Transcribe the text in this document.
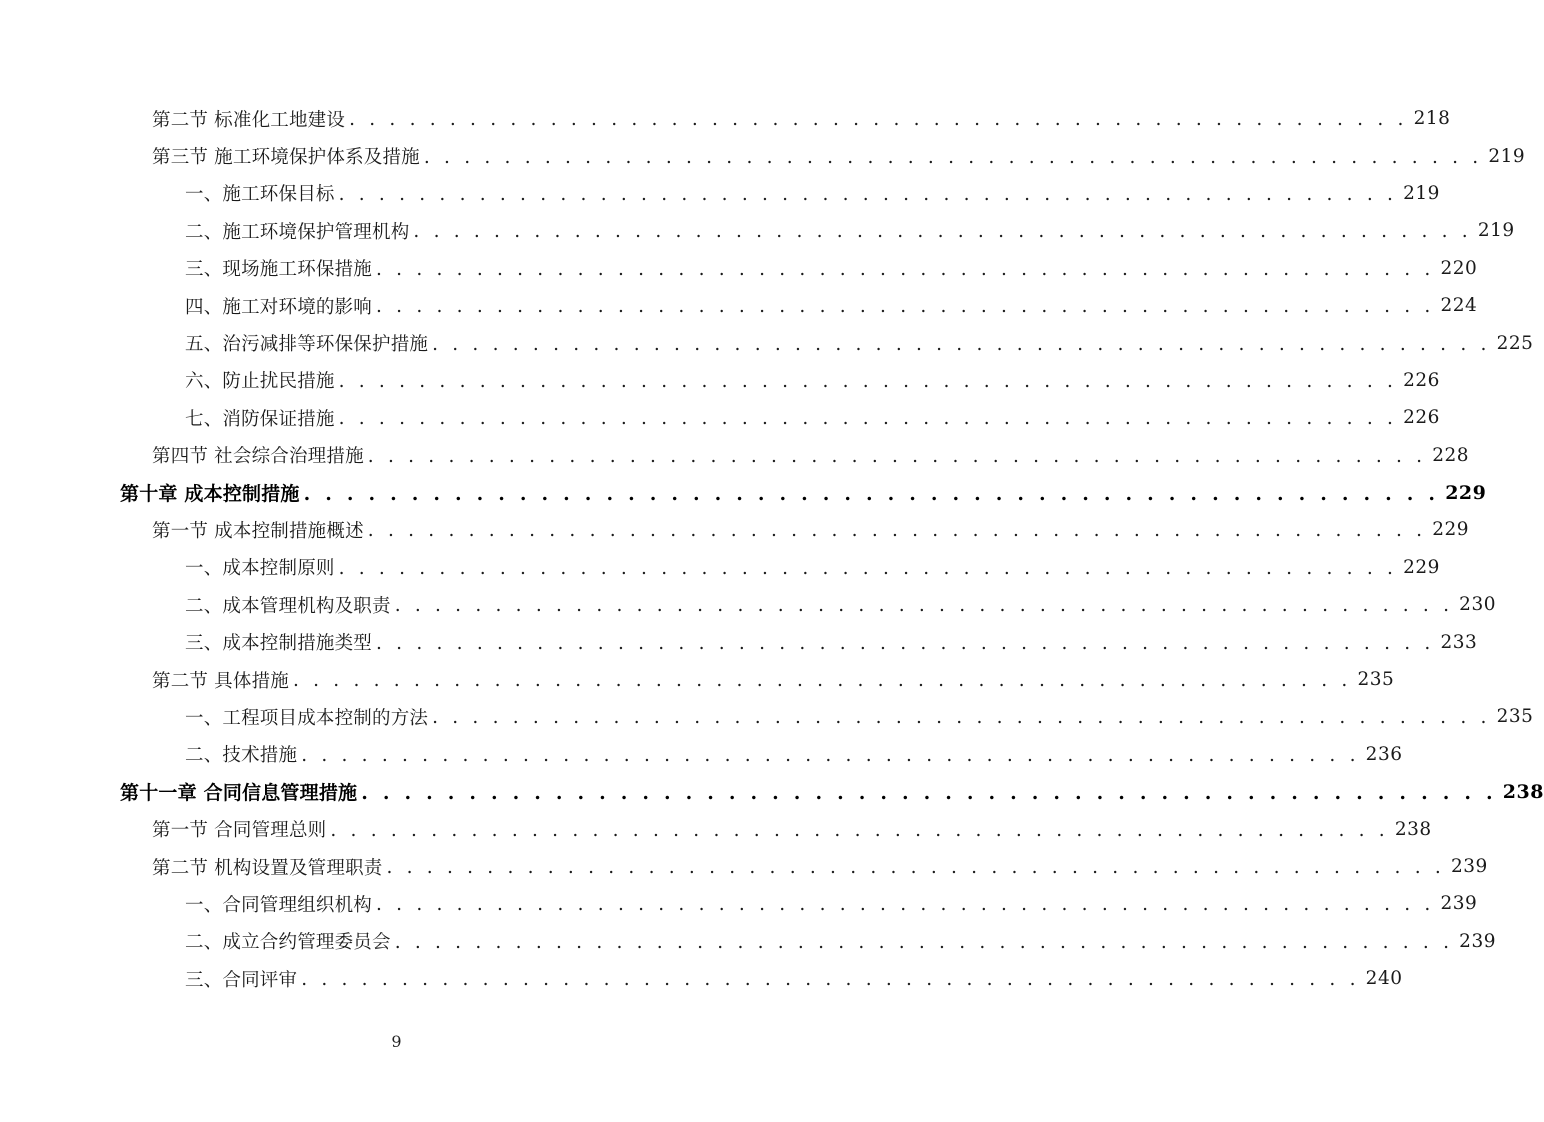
第二节 标准化工地建设 . . . . . . . . . . . . . . . . . . . . . . . . . . . . . . . . . . . . . . . . . . . . . . . . . . . . . 218
第三节 施工环境保护体系及措施 . . . . . . . . . . . . . . . . . . . . . . . . . . . . . . . . . . . . . . . . . . . . . . . . . . . . . 219
一、施工环保目标 . . . . . . . . . . . . . . . . . . . . . . . . . . . . . . . . . . . . . . . . . . . . . . . . . . . . . 219
二、施工环境保护管理机构 . . . . . . . . . . . . . . . . . . . . . . . . . . . . . . . . . . . . . . . . . . . . . . . . . . . . . 219
三、现场施工环保措施 . . . . . . . . . . . . . . . . . . . . . . . . . . . . . . . . . . . . . . . . . . . . . . . . . . . . . 220
四、施工对环境的影响 . . . . . . . . . . . . . . . . . . . . . . . . . . . . . . . . . . . . . . . . . . . . . . . . . . . . . 224
五、治污减排等环保保护措施 . . . . . . . . . . . . . . . . . . . . . . . . . . . . . . . . . . . . . . . . . . . . . . . . . . . . . 225
六、防止扰民措施 . . . . . . . . . . . . . . . . . . . . . . . . . . . . . . . . . . . . . . . . . . . . . . . . . . . . . 226
七、消防保证措施 . . . . . . . . . . . . . . . . . . . . . . . . . . . . . . . . . . . . . . . . . . . . . . . . . . . . . 226
第四节 社会综合治理措施 . . . . . . . . . . . . . . . . . . . . . . . . . . . . . . . . . . . . . . . . . . . . . . . . . . . . . 228
第十章 成本控制措施 . . . . . . . . . . . . . . . . . . . . . . . . . . . . . . . . . . . . . . . . . . . . . . . . . . . . . 229
第一节 成本控制措施概述 . . . . . . . . . . . . . . . . . . . . . . . . . . . . . . . . . . . . . . . . . . . . . . . . . . . . . 229
一、成本控制原则 . . . . . . . . . . . . . . . . . . . . . . . . . . . . . . . . . . . . . . . . . . . . . . . . . . . . . 229
二、成本管理机构及职责 . . . . . . . . . . . . . . . . . . . . . . . . . . . . . . . . . . . . . . . . . . . . . . . . . . . . . 230
三、成本控制措施类型 . . . . . . . . . . . . . . . . . . . . . . . . . . . . . . . . . . . . . . . . . . . . . . . . . . . . . 233
第二节 具体措施 . . . . . . . . . . . . . . . . . . . . . . . . . . . . . . . . . . . . . . . . . . . . . . . . . . . . . 235
一、工程项目成本控制的方法 . . . . . . . . . . . . . . . . . . . . . . . . . . . . . . . . . . . . . . . . . . . . . . . . . . . . . 235
二、技术措施 . . . . . . . . . . . . . . . . . . . . . . . . . . . . . . . . . . . . . . . . . . . . . . . . . . . . . 236
第十一章 合同信息管理措施 . . . . . . . . . . . . . . . . . . . . . . . . . . . . . . . . . . . . . . . . . . . . . . . . . . . . . 238
第一节 合同管理总则 . . . . . . . . . . . . . . . . . . . . . . . . . . . . . . . . . . . . . . . . . . . . . . . . . . . . . 238
第二节 机构设置及管理职责 . . . . . . . . . . . . . . . . . . . . . . . . . . . . . . . . . . . . . . . . . . . . . . . . . . . . . 239
一、合同管理组织机构 . . . . . . . . . . . . . . . . . . . . . . . . . . . . . . . . . . . . . . . . . . . . . . . . . . . . . 239
二、成立合约管理委员会 . . . . . . . . . . . . . . . . . . . . . . . . . . . . . . . . . . . . . . . . . . . . . . . . . . . . . 239
三、合同评审 . . . . . . . . . . . . . . . . . . . . . . . . . . . . . . . . . . . . . . . . . . . . . . . . . . . . . 240
9
